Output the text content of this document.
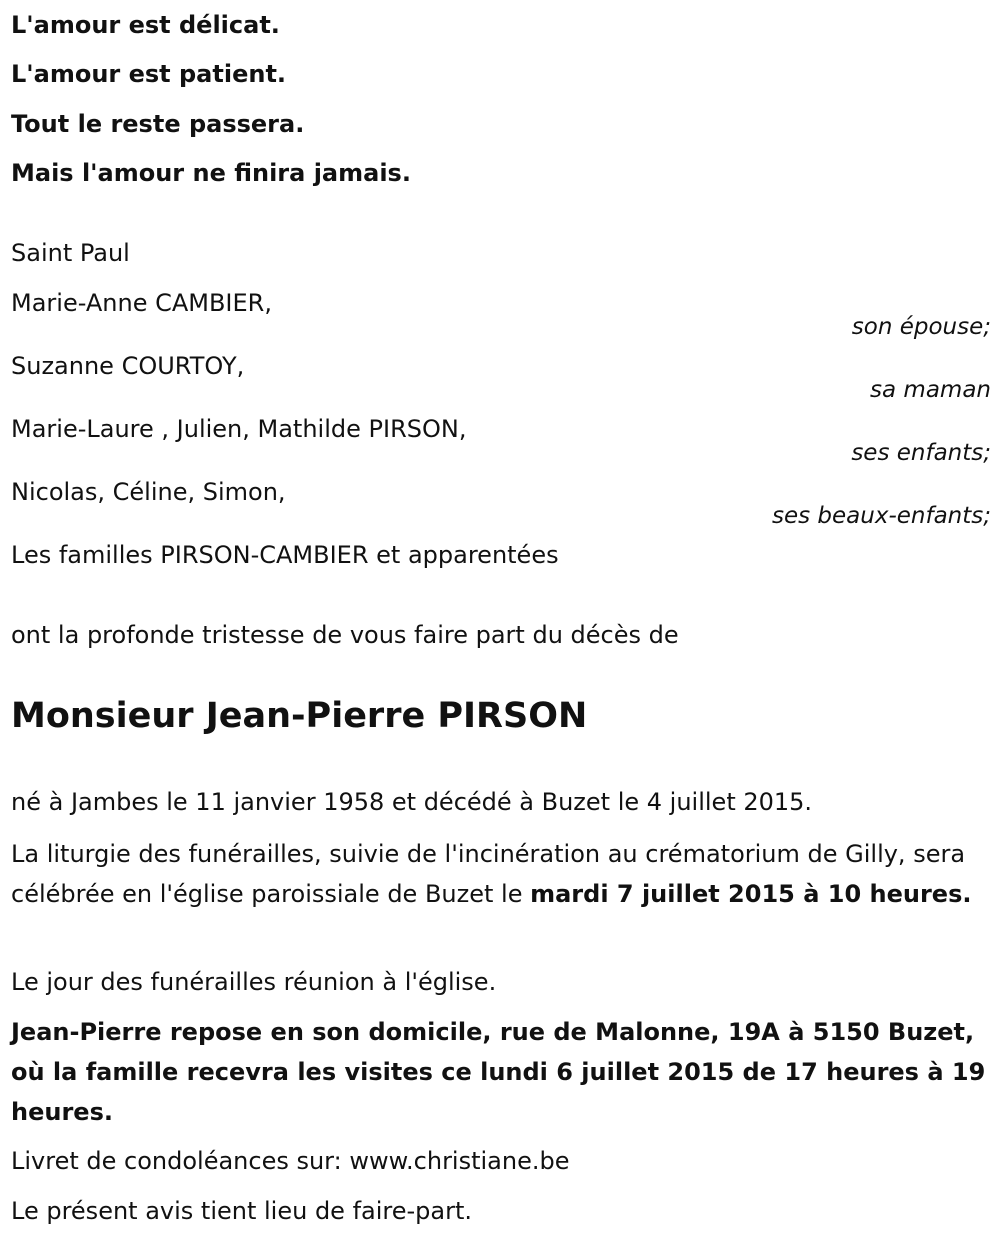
L'amour est délicat.
L'amour est patient.
Tout le reste passera.
Mais l'amour ne finira jamais.
Saint Paul
Marie-Anne CAMBIER,
son épouse;
Suzanne COURTOY,
sa maman
Marie-Laure , Julien, Mathilde PIRSON,
ses enfants;
Nicolas, Céline, Simon,
ses beaux-enfants;
Les familles PIRSON-CAMBIER et apparentées
ont la profonde tristesse de vous faire part du décès de
Monsieur Jean-Pierre PIRSON
né à Jambes le 11 janvier 1958 et décédé à Buzet le 4 juillet 2015.
La liturgie des funérailles, suivie de l'incinération au crématorium de Gilly, sera célébrée en l'église paroissiale de Buzet le mardi 7 juillet 2015 à 10 heures.
Le jour des funérailles réunion à l'église.
Jean-Pierre repose en son domicile, rue de Malonne, 19A à 5150 Buzet, où la famille recevra les visites ce lundi 6 juillet 2015 de 17 heures à 19 heures.
Livret de condoléances sur: www.christiane.be
Le présent avis tient lieu de faire-part.
